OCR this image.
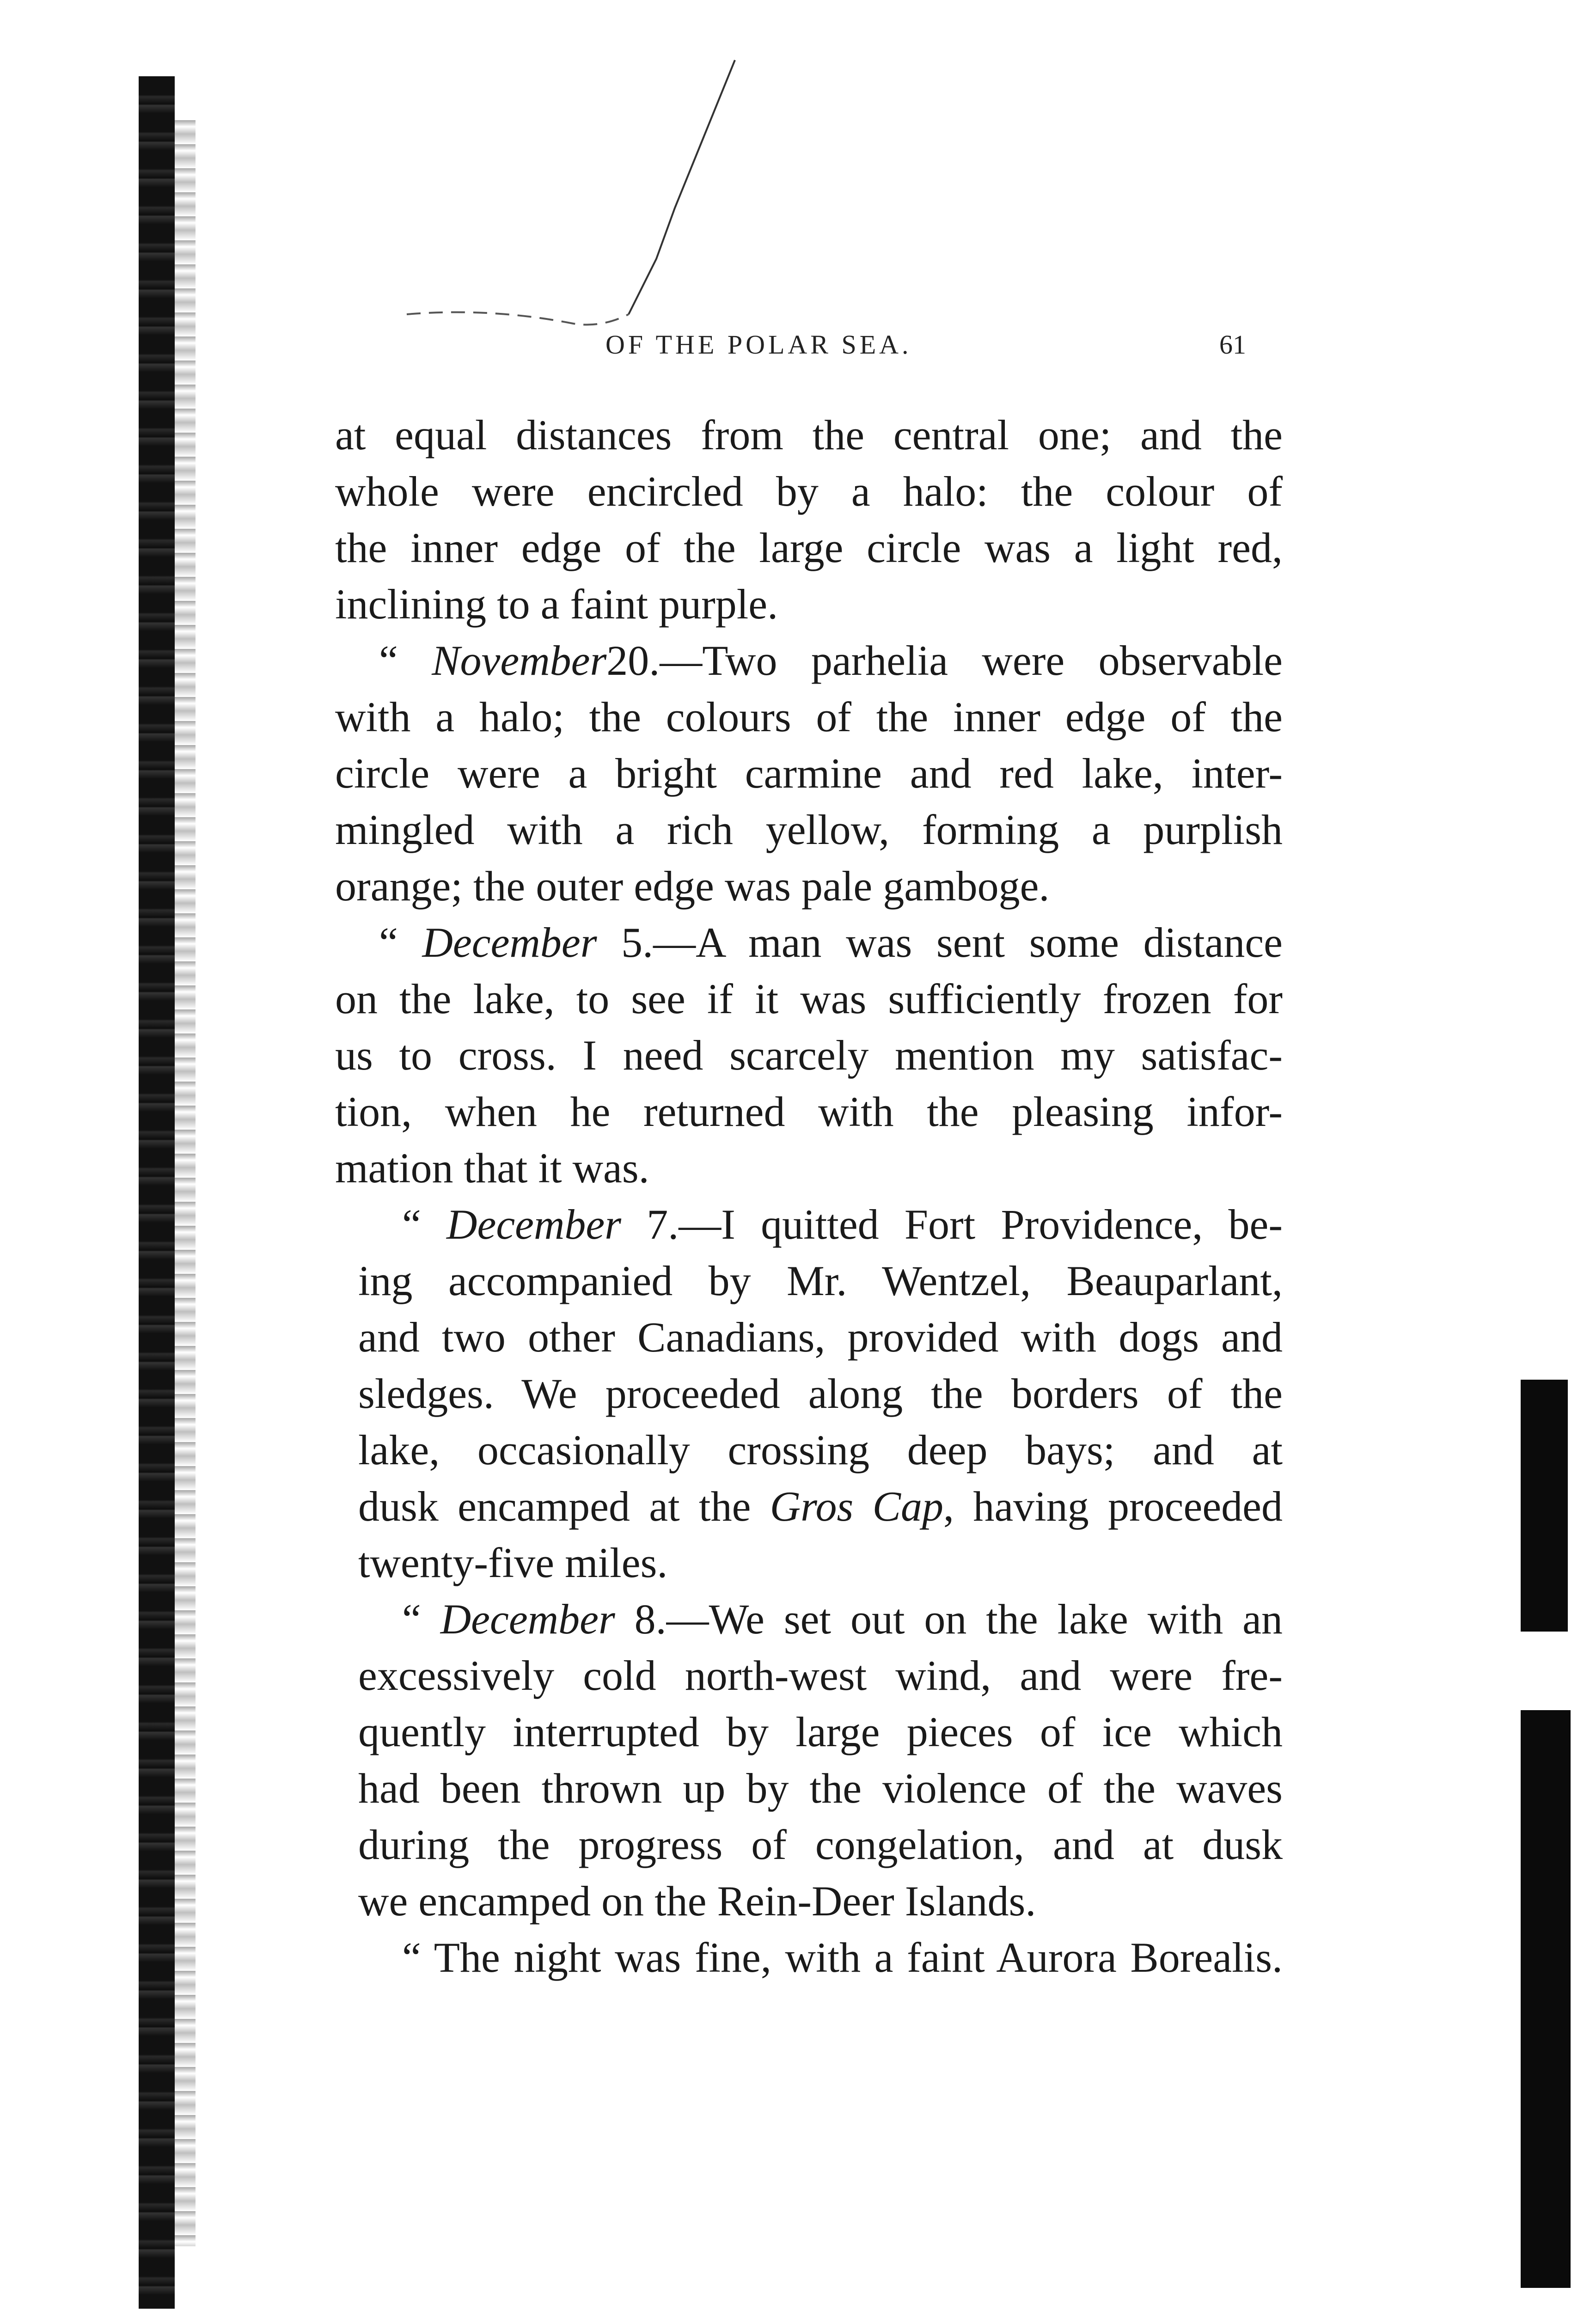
OF THE POLAR SEA.	61
at equal distances from the central one; and the
whole were encircled by a halo: the colour of
the inner edge of the large circle was a light red,
inclining to a faint purple.
“ November20.—Two parhelia were observable
with a halo; the colours of the inner edge of the
circle were a bright carmine and red lake, inter-
mingled with a rich yellow, forming a purplish
orange; the outer edge was pale gamboge.
“ December 5.—A man was sent some distance
on the lake, to see if it was sufficiently frozen for
us to cross. I need scarcely mention my satisfac-
tion, when he returned with the pleasing infor-
mation that it was.
“ December 7.—I quitted Fort Providence, be-
ing accompanied by Mr. Wentzel, Beauparlant,
and two other Canadians, provided with dogs and
sledges. We proceeded along the borders of the
lake, occasionally crossing deep bays; and at
dusk encamped at the Gros Cap, having proceeded
twenty-five miles.
“ December 8.—We set out on the lake with an
excessively cold north-west wind, and were fre-
quently interrupted by large pieces of ice which
had been thrown up by the violence of the waves
during the progress of congelation, and at dusk
we encamped on the Rein-Deer Islands.
“ The night was fine, with a faint Aurora Borealis.
